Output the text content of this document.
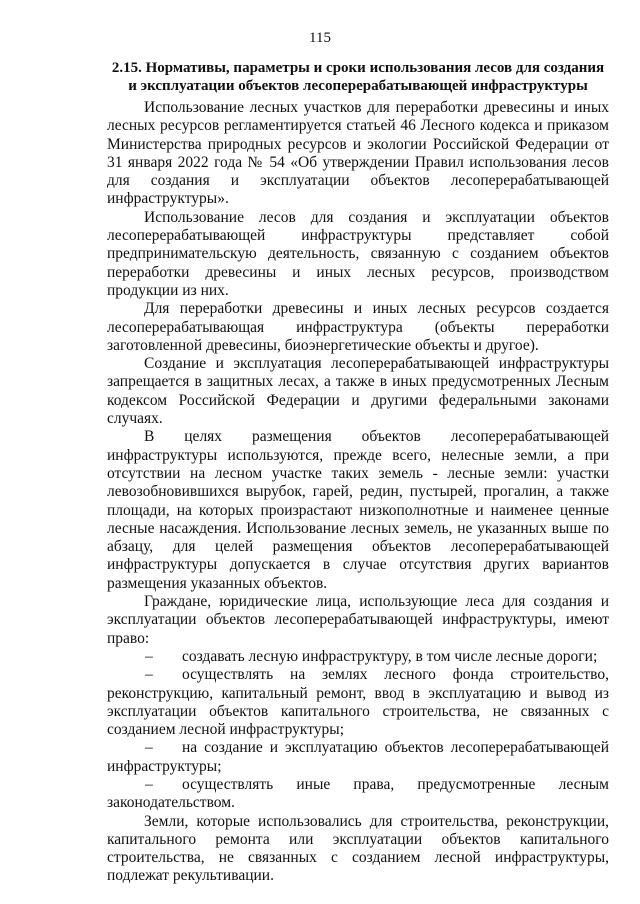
115
2.15. Нормативы, параметры и сроки использования лесов для создания
и эксплуатации объектов лесоперерабатывающей инфраструктуры

Использование лесных участков для переработки древесины и иных лесных ресурсов регламентируется статьей 46 Лесного кодекса и приказом Министерства природных ресурсов и экологии Российской Федерации от 31 января 2022 года № 54 «Об утверждении Правил использования лесов для создания и эксплуатации объектов лесоперерабатывающей инфраструктуры».

Использование лесов для создания и эксплуатации объектов лесоперерабатывающей инфраструктуры представляет собой предпринимательскую деятельность, связанную с созданием объектов переработки древесины и иных лесных ресурсов, производством продукции из них.

Для переработки древесины и иных лесных ресурсов создается лесоперерабатывающая инфраструктура (объекты переработки заготовленной древесины, биоэнергетические объекты и другое).

Создание и эксплуатация лесоперерабатывающей инфраструктуры запрещается в защитных лесах, а также в иных предусмотренных Лесным кодексом Российской Федерации и другими федеральными законами случаях.

В целях размещения объектов лесоперерабатывающей инфраструктуры используются, прежде всего, нелесные земли, а при отсутствии на лесном участке таких земель - лесные земли: участки левозобновившихся вырубок, гарей, редин, пустырей, прогалин, а также площади, на которых произрастают низкополнотные и наименее ценные лесные насаждения. Использование лесных земель, не указанных выше по абзацу, для целей размещения объектов лесоперерабатывающей инфраструктуры допускается в случае отсутствия других вариантов размещения указанных объектов.

Граждане, юридические лица, использующие леса для создания и эксплуатации объектов лесоперерабатывающей инфраструктуры, имеют право:

– создавать лесную инфраструктуру, в том числе лесные дороги;

– осуществлять на землях лесного фонда строительство, реконструкцию, капитальный ремонт, ввод в эксплуатацию и вывод из эксплуатации объектов капитального строительства, не связанных с созданием лесной инфраструктуры;

– на создание и эксплуатацию объектов лесоперерабатывающей инфраструктуры;

– осуществлять иные права, предусмотренные лесным законодательством.

Земли, которые использовались для строительства, реконструкции, капитального ремонта или эксплуатации объектов капитального строительства, не связанных с созданием лесной инфраструктуры, подлежат рекультивации.
